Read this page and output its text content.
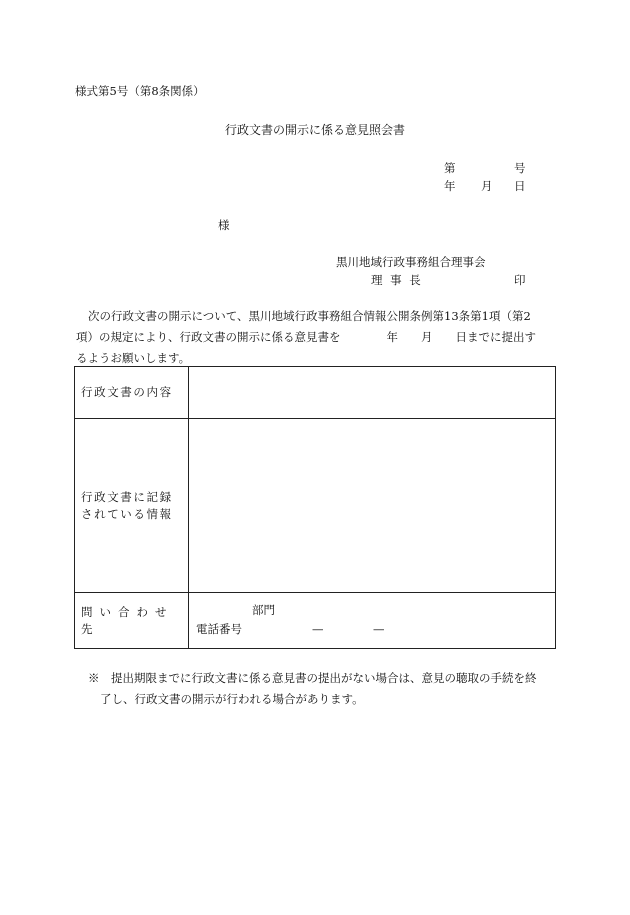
様式第5号（第8条関係）
行政文書の開示に係る意見照会書
第	号
年 月 日
様
黒川地域行政事務組合理事会
理 事 長	印
次の行政文書の開示について、黒川地域行政事務組合情報公開条例第13条第1項（第2
項）の規定により、行政文書の開示に係る意見書を　　　　年　　月　　日までに提出す
るようお願いします。
行政文書の内容	

行政文書に記録
されている情報	

問い合わせ先	部門
電話番号 — —
※　提出期限までに行政文書に係る意見書の提出がない場合は、意見の聴取の手続を終
了し、行政文書の開示が行われる場合があります。
